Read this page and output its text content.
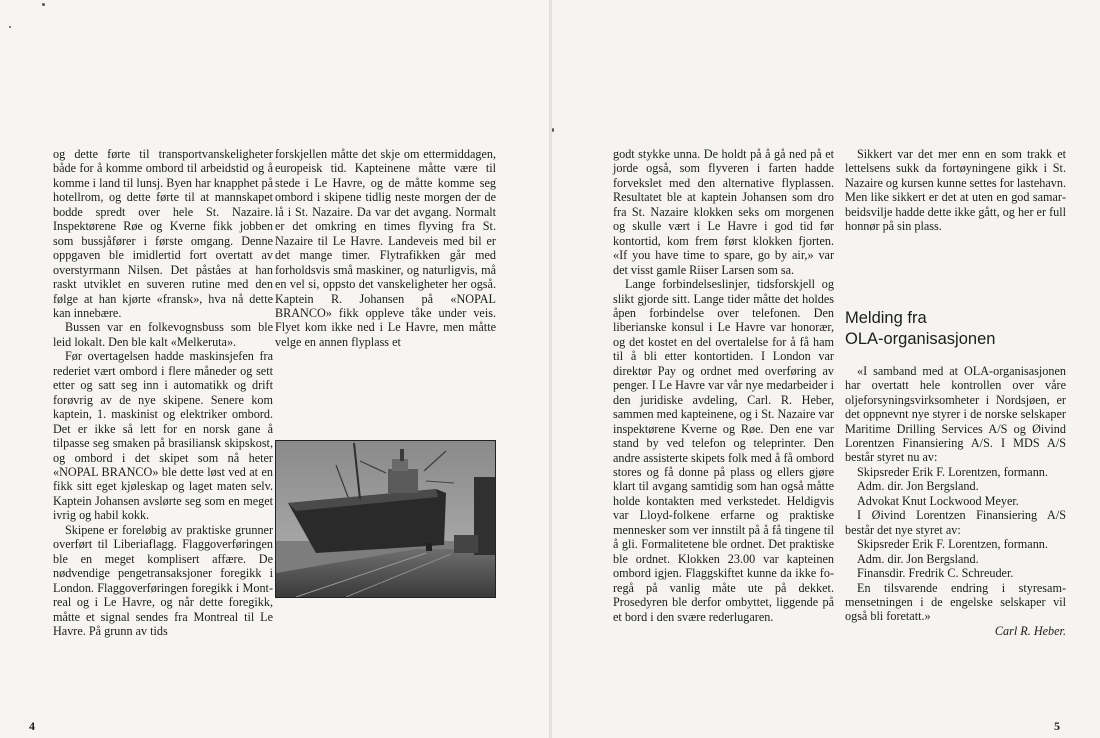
og dette førte til transportvanskeligheter både for å komme ombord til arbeidstid og å komme i land til lunsj. Byen har knapphet på hotellrom, og dette førte til at mannskapet bodde spredt over hele St. Nazaire. Inspektørene Røe og Kverne fikk jobben som bussjåfører i første omgang. Denne oppgaven ble imidlertid fort overtatt av overstyrmann Nilsen. Det påståes at han raskt utviklet en suveren rutine med den følge at han kjørte «fransk», hva nå dette kan innebære.

Bussen var en folkevognsbuss som ble leid lokalt. Den ble kalt «Melkeruta».

Før overtagelsen hadde maskinsjefen fra rederiet vært ombord i flere måneder og sett etter og satt seg inn i automatikk og drift forøvrig av de nye skipene. Senere kom kaptein, 1. maskinist og elektriker ombord. Det er ikke så lett for en norsk gane å tilpasse seg smaken på brasiliansk skipskost, og ombord i det skipet som nå heter «NOPAL BRANCO» ble dette løst ved at en fikk sitt eget kjøleskap og laget maten selv. Kaptein Johansen avslørte seg som en meget ivrig og habil kokk.

Skipene er foreløbig av praktiske grunner overført til Liberiaflagg. Flaggoverføringen ble en meget komplisert affære. De nødvendige pengetransaksjoner foregikk i London. Flaggoverføringen foregikk i Montreal og i Le Havre, og når dette foregikk, måtte et signal sendes fra Montreal til Le Havre. På grunn av tids

forskjellen måtte det skje om ettermiddagen, europeisk tid. Kapteinene måtte være til stede i Le Havre, og de måtte komme seg ombord i skipene tidlig neste morgen der de lå i St. Nazaire. Da var det avgang. Normalt er det omkring en times flyving fra St. Nazaire til Le Havre. Landeveis med bil er det mange timer. Flytrafikken går med forholdsvis små maskiner, og naturligvis, må en vel si, oppsto det vanskeligheter her også. Kaptein R. Johansen på «NOPAL BRANCO» fikk oppleve tåke under veis. Flyet kom ikke ned i Le Havre, men måtte velge en annen flyplass et

4	5

godt stykke unna. De holdt på å gå ned på et jorde også, som flyveren i farten hadde forvekslet med den alternative flyplassen. Resultatet ble at kaptein Johansen som dro fra St. Nazaire klokken seks om morgenen og skulle vært i Le Havre i god tid før kontortid, kom frem først klokken fjorten. «If you have time to spare, go by air,» var det visst gamle Riiser Larsen som sa.

Lange forbindelseslinjer, tidsforskjell og slikt gjorde sitt. Lange tider måtte det holdes åpen forbindelse over telefonen. Den liberianske konsul i Le Havre var honorær, og det kostet en del overtalelse for å få ham til å bli etter kontortiden. I London var direktør Pay og ordnet med overføring av penger. I Le Havre var vår nye medarbeider i den juridiske avdeling, Carl. R. Heber, sammen med kapteinene, og i St. Nazaire var inspektørene Kverne og Røe. Den ene var stand by ved telefon og teleprinter. Den andre assisterte skipets folk med å få ombord stores og få donne på plass og ellers gjøre klart til avgang samtidig som han også måtte holde kontakten med verkstedet. Heldigvis var Lloyd-folkene erfarne og praktiske mennesker som ver innstilt på å få tingene til å gli. Formalitetene ble ordnet. Det praktiske ble ordnet. Klokken 23.00 var kapteinen ombord igjen. Flaggskiftet kunne da ikke foregå på vanlig måte ute på dekket. Prosedyren ble derfor ombyttet, liggende på et bord i den svære rederlugaren.

Sikkert var det mer enn en som trakk et lettelsens sukk da fortøyningene gikk i St. Nazaire og kursen kunne settes for lastehavn. Men like sikkert er det at uten en god samarbeidsvilje hadde dette ikke gått, og her er full honnør på sin plass.

Melding fra
OLA-organisasjonen

«I samband med at OLA-organisasjonen har overtatt hele kontrollen over våre oljeforsyningsvirksomheter i Nordsjøen, er det oppnevnt nye styrer i de norske selskaper Maritime Drilling Services A/S og Øivind Lorentzen Finansiering A/S. I MDS A/S består styret nu av:

Skipsreder Erik F. Lorentzen, formann.

Adm. dir. Jon Bergsland.

Advokat Knut Lockwood Meyer.

I Øivind Lorentzen Finansiering A/S består det nye styret av:

Skipsreder Erik F. Lorentzen, formann.

Adm. dir. Jon Bergsland.

Finansdir. Fredrik C. Schreuder.

En tilsvarende endring i styresammensetningen i de engelske selskaper vil også bli foretatt.»

Carl R. Heber.
